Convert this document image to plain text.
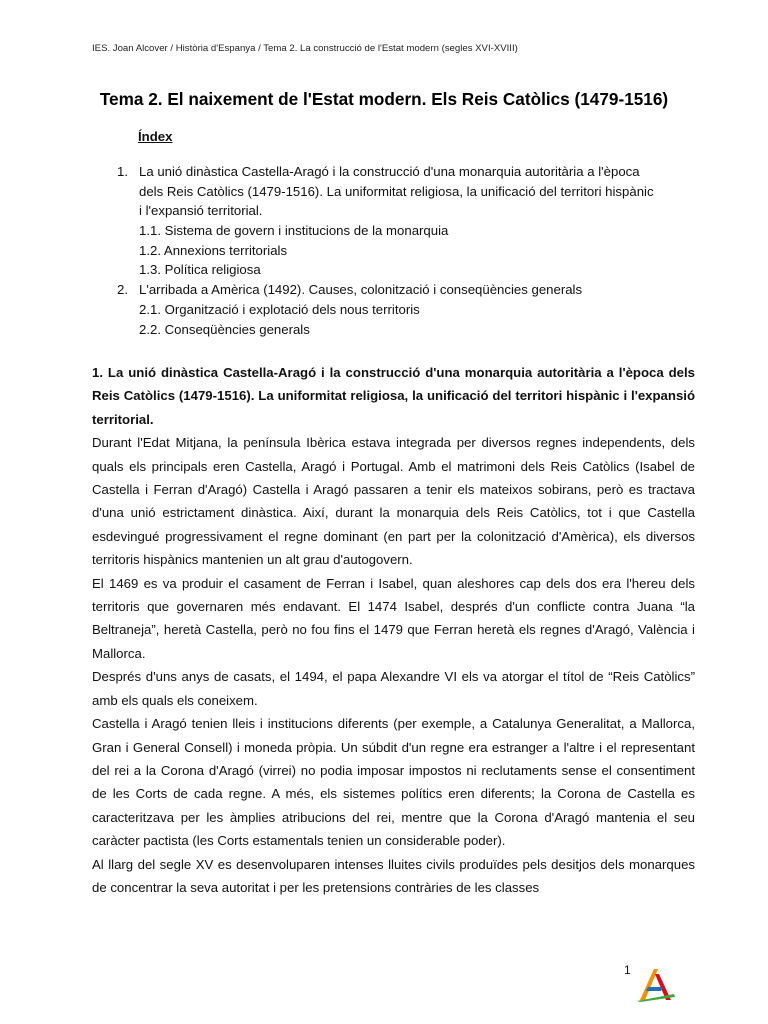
IES. Joan Alcover / Història d'Espanya / Tema 2. La construcció de l'Estat modern (segles XVI-XVIII)
Tema 2. El naixement de l'Estat modern. Els Reis Catòlics (1479-1516)
Índex
1. La unió dinàstica Castella-Aragó i la construcció d'una monarquia autoritària a l'època
dels Reis Catòlics (1479-1516). La uniformitat religiosa, la unificació del territori hispànic
i l'expansió territorial.
1.1. Sistema de govern i institucions de la monarquia
1.2. Annexions territorials
1.3. Política religiosa
2. L'arribada a Amèrica (1492). Causes, colonització i conseqüències generals
2.1. Organització i explotació dels nous territoris
2.2. Conseqüències generals

1. La unió dinàstica Castella-Aragó i la construcció d'una monarquia autoritària a l'època dels Reis Catòlics (1479-1516). La uniformitat religiosa, la unificació del territori hispànic i l'expansió territorial.

Durant l'Edat Mitjana, la península Ibèrica estava integrada per diversos regnes independents, dels quals els principals eren Castella, Aragó i Portugal. Amb el matrimoni dels Reis Catòlics (Isabel de Castella i Ferran d'Aragó) Castella i Aragó passaren a tenir els mateixos sobirans, però es tractava d'una unió estrictament dinàstica. Així, durant la monarquia dels Reis Catòlics, tot i que Castella esdevingué progressivament el regne dominant (en part per la colonització d'Amèrica), els diversos territoris hispànics mantenien un alt grau d'autogovern.

El 1469 es va produir el casament de Ferran i Isabel, quan aleshores cap dels dos era l'hereu dels territoris que governaren més endavant. El 1474 Isabel, després d'un conflicte contra Juana “la Beltraneja”, heretà Castella, però no fou fins el 1479 que Ferran heretà els regnes d'Aragó, València i Mallorca.

Després d'uns anys de casats, el 1494, el papa Alexandre VI els va atorgar el títol de “Reis Catòlics” amb els quals els coneixem.

Castella i Aragó tenien lleis i institucions diferents (per exemple, a Catalunya Generalitat, a Mallorca, Gran i General Consell) i moneda pròpia. Un súbdit d'un regne era estranger a l'altre i el representant del rei a la Corona d'Aragó (virrei) no podia imposar impostos ni reclutaments sense el consentiment de les Corts de cada regne. A més, els sistemes polítics eren diferents; la Corona de Castella es caracteritzava per les àmplies atribucions del rei, mentre que la Corona d'Aragó mantenia el seu caràcter pactista (les Corts estamentals tenien un considerable poder).

Al llarg del segle XV es desenvoluparen intenses lluites civils produïdes pels desitjos dels monarques de concentrar la seva autoritat i per les pretensions contràries de les classes

1
